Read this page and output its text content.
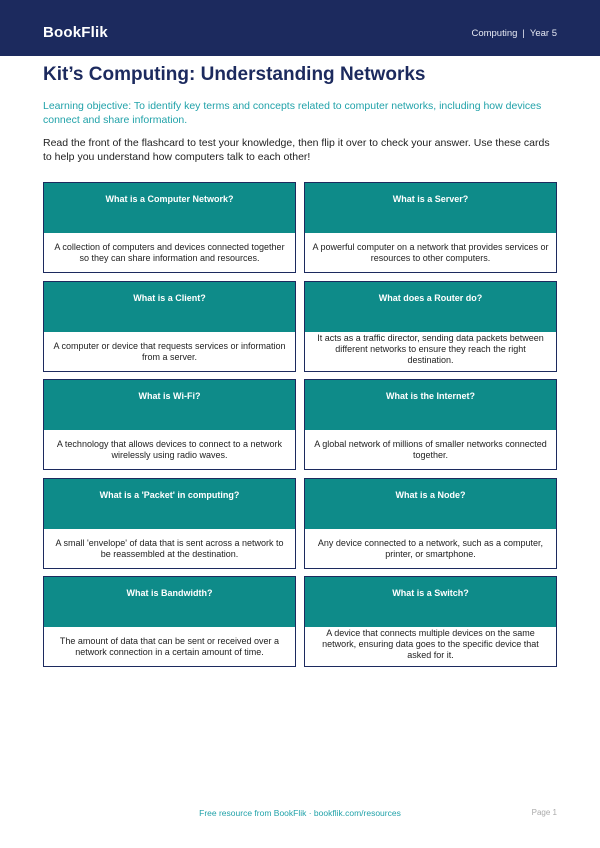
BookFlik	Computing | Year 5
Kit’s Computing: Understanding Networks
Learning objective: To identify key terms and concepts related to computer networks, including how devices connect and share information.
Read the front of the flashcard to test your knowledge, then flip it over to check your answer. Use these cards to help you understand how computers talk to each other!
What is a Computer Network?
A collection of computers and devices connected together so they can share information and resources.
What is a Server?
A powerful computer on a network that provides services or resources to other computers.
What is a Client?
A computer or device that requests services or information from a server.
What does a Router do?
It acts as a traffic director, sending data packets between different networks to ensure they reach the right destination.
What is Wi-Fi?
A technology that allows devices to connect to a network wirelessly using radio waves.
What is the Internet?
A global network of millions of smaller networks connected together.
What is a 'Packet' in computing?
A small 'envelope' of data that is sent across a network to be reassembled at the destination.
What is a Node?
Any device connected to a network, such as a computer, printer, or smartphone.
What is Bandwidth?
The amount of data that can be sent or received over a network connection in a certain amount of time.
What is a Switch?
A device that connects multiple devices on the same network, ensuring data goes to the specific device that asked for it.
Free resource from BookFlik · bookflik.com/resources	Page 1
